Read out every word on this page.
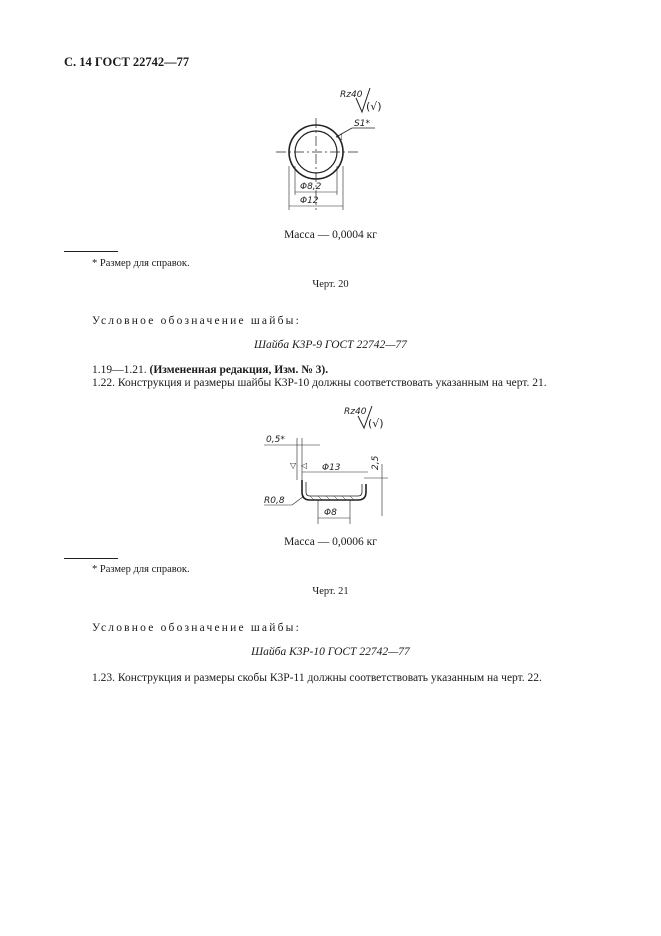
С. 14 ГОСТ 22742—77
Rz40
(√)
S1*
◁
Φ8,2
Φ12
Масса — 0,0004 кг
* Размер для справок.
Черт. 20
Условное обозначение шайбы:
Шайба К3Р-9 ГОСТ 22742—77
1.19—1.21. (Измененная редакция, Изм. № 3).
1.22. Конструкция и размеры шайбы К3Р-10 должны соответствовать указанным на черт. 21.
Rz40
(√)
0,5*
▽ ◁ Φ13	2,5
R0,8
Φ8
Масса — 0,0006 кг
* Размер для справок.
Черт. 21
Условное обозначение шайбы:
Шайба К3Р-10 ГОСТ 22742—77
1.23. Конструкция и размеры скобы К3Р-11 должны соответствовать указанным на черт. 22.
